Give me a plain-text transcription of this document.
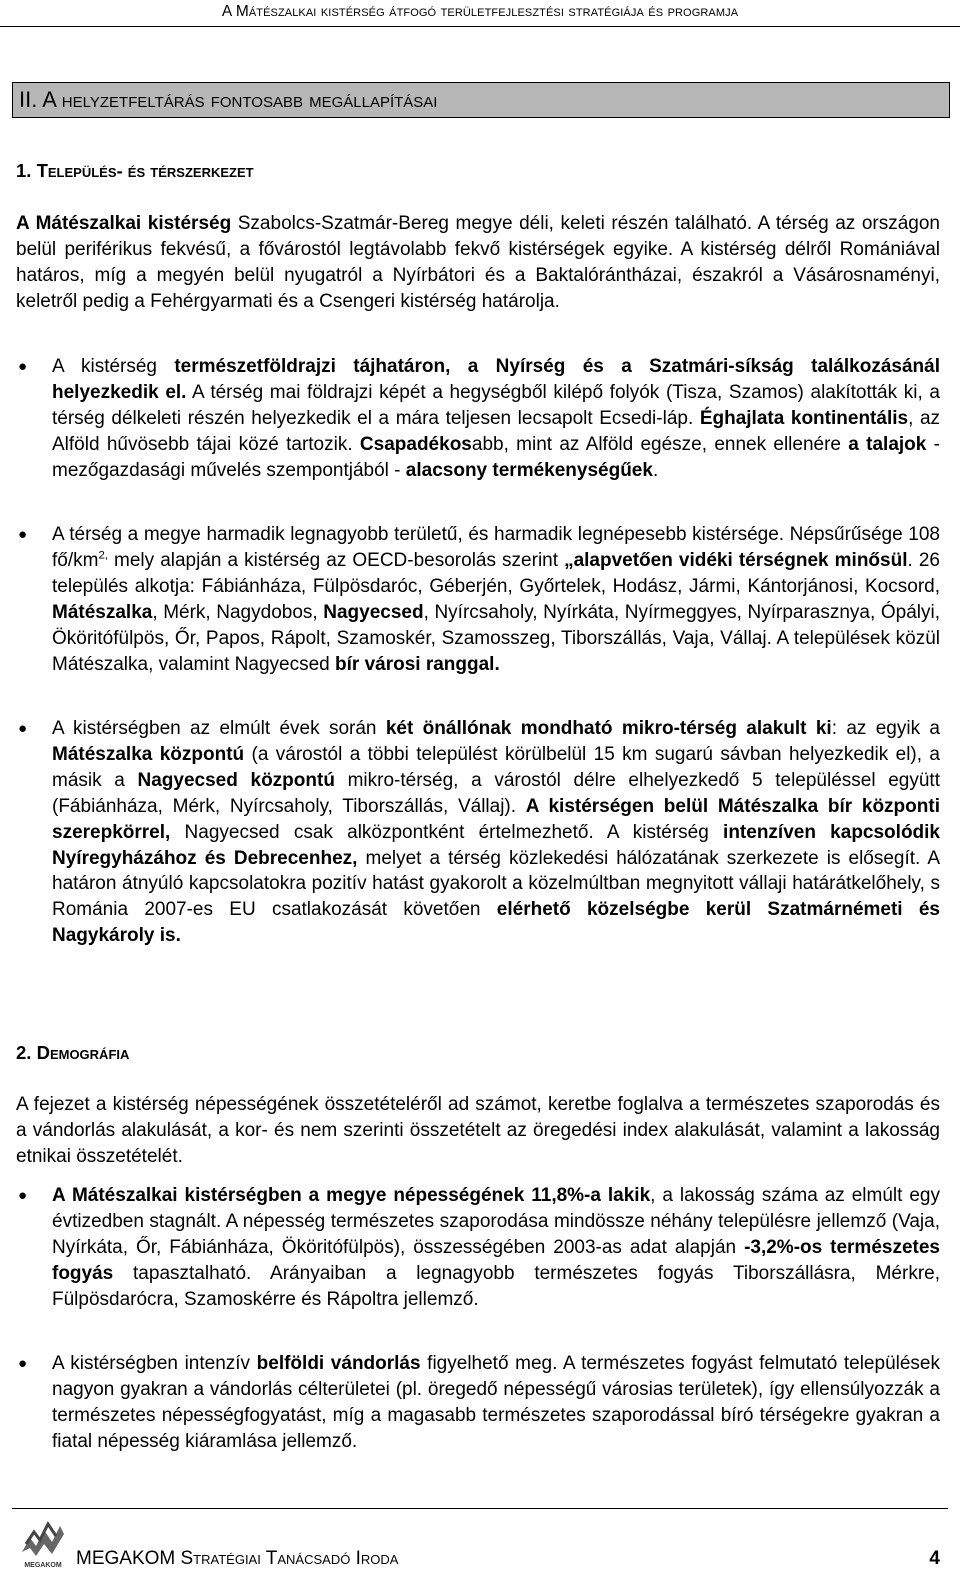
A Mátészalkai kistérség átfogó területfejlesztési stratégiája és programja
II. A helyzetfeltárás fontosabb megállapításai
1. Település- és térszerkezet

A Mátészalkai kistérség Szabolcs-Szatmár-Bereg megye déli, keleti részén található. A térség az országon belül periférikus fekvésű, a fővárostól legtávolabb fekvő kistérségek egyike. A kistérség délről Romániával határos, míg a megyén belül nyugatról a Nyírbátori és a Baktalórántházai, északról a Vásárosnaményi, keletről pedig a Fehérgyarmati és a Csengeri kistérség határolja.

● A kistérség természetföldrajzi tájhatáron, a Nyírség és a Szatmári-síkság találkozásánál helyezkedik el. A térség mai földrajzi képét a hegységből kilépő folyók (Tisza, Szamos) alakították ki, a térség délkeleti részén helyezkedik el a mára teljesen lecsapolt Ecsedi-láp. Éghajlata kontinentális, az Alföld hűvösebb tájai közé tartozik. Csapadékosabb, mint az Alföld egésze, ennek ellenére a talajok - mezőgazdasági művelés szempontjából - alacsony termékenységűek.
● A térség a megye harmadik legnagyobb területű, és harmadik legnépesebb kistérsége. Népsűrűsége 108 $fő/km^{2,}$ mely alapján a kistérség az OECD-besorolás szerint „alapvetően vidéki térségnek minősül. 26 település alkotja: Fábiánháza, Fülpösdaróc, Géberjén, Győrtelek, Hodász, Jármi, Kántorjánosi, Kocsord, Mátészalka, Mérk, Nagydobos, Nagyecsed, Nyírcsaholy, Nyírkáta, Nyírmeggyes, Nyírparasznya, Ópályi, Ököritófülpös, Őr, Papos, Rápolt, Szamoskér, Szamosszeg, Tiborszállás, Vaja, Vállaj. A települések közül Mátészalka, valamint Nagyecsed bír városi ranggal.
● A kistérségben az elmúlt évek során két önállónak mondható mikro-térség alakult ki: az egyik a Mátészalka központú (a várostól a többi települést körülbelül 15 km sugarú sávban helyezkedik el), a másik a Nagyecsed központú mikro-térség, a várostól délre elhelyezkedő 5 településsel együtt (Fábiánháza, Mérk, Nyírcsaholy, Tiborszállás, Vállaj). A kistérségen belül Mátészalka bír központi szerepkörrel, Nagyecsed csak alközpontként értelmezhető. A kistérség intenzíven kapcsolódik Nyíregyházához és Debrecenhez, melyet a térség közlekedési hálózatának szerkezete is elősegít. A határon átnyúló kapcsolatokra pozitív hatást gyakorolt a közelmúltban megnyitott vállaji határátkelőhely, s Románia 2007-es EU csatlakozását követően elérhető közelségbe kerül Szatmárnémeti és Nagykároly is.
2. Demográfia

A fejezet a kistérség népességének összetételéről ad számot, keretbe foglalva a természetes szaporodás és a vándorlás alakulását, a kor- és nem szerinti összetételt az öregedési index alakulását, valamint a lakosság etnikai összetételét.

● A Mátészalkai kistérségben a megye népességének 11,8%-a lakik, a lakosság száma az elmúlt egy évtizedben stagnált. A népesség természetes szaporodása mindössze néhány településre jellemző (Vaja, Nyírkáta, Őr, Fábiánháza, Ököritófülpös), összességében 2003-as adat alapján -3,2%-os természetes fogyás tapasztalható. Arányaiban a legnagyobb természetes fogyás Tiborszállásra, Mérkre, Fülpösdarócra, Szamoskérre és Rápoltra jellemző.
● A kistérségben intenzív belföldi vándorlás figyelhető meg. A természetes fogyást felmutató települések nagyon gyakran a vándorlás célterületei (pl. öregedő népességű városias területek), így ellensúlyozzák a természetes népességfogyatást, míg a magasabb természetes szaporodással bíró térségekre gyakran a fiatal népesség kiáramlása jellemző.
MEGAKOM MEGAKOM Stratégiai Tanácsadó Iroda	4
